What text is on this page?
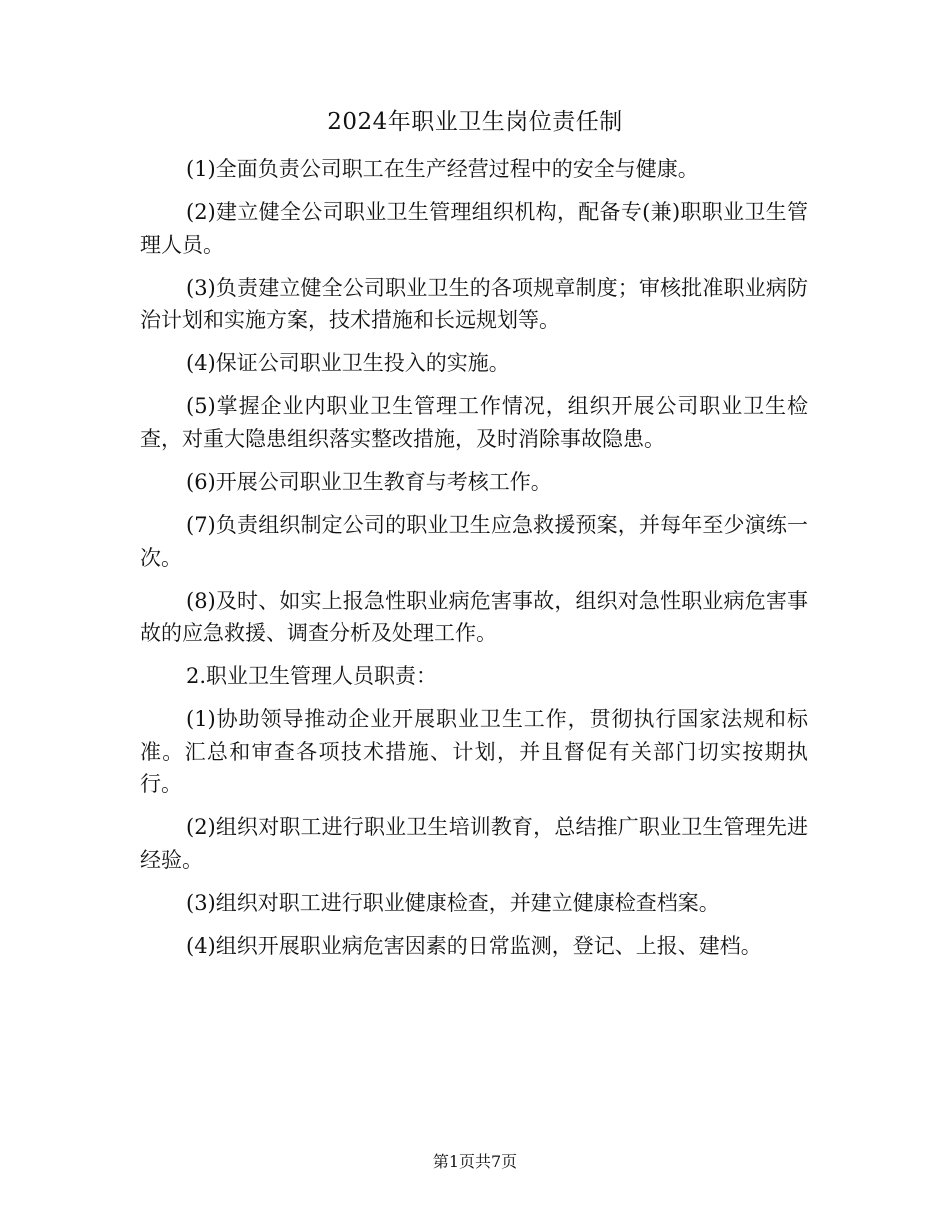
2024年职业卫生岗位责任制

(1)全面负责公司职工在生产经营过程中的安全与健康。

(2)建立健全公司职业卫生管理组织机构，配备专(兼)职职业卫生管理人员。

(3)负责建立健全公司职业卫生的各项规章制度；审核批准职业病防治计划和实施方案，技术措施和长远规划等。

(4)保证公司职业卫生投入的实施。

(5)掌握企业内职业卫生管理工作情况，组织开展公司职业卫生检查，对重大隐患组织落实整改措施，及时消除事故隐患。

(6)开展公司职业卫生教育与考核工作。

(7)负责组织制定公司的职业卫生应急救援预案，并每年至少演练一次。

(8)及时、如实上报急性职业病危害事故，组织对急性职业病危害事故的应急救援、调查分析及处理工作。

2.职业卫生管理人员职责：

(1)协助领导推动企业开展职业卫生工作，贯彻执行国家法规和标准。汇总和审查各项技术措施、计划，并且督促有关部门切实按期执行。

(2)组织对职工进行职业卫生培训教育，总结推广职业卫生管理先进经验。

(3)组织对职工进行职业健康检查，并建立健康检查档案。

(4)组织开展职业病危害因素的日常监测，登记、上报、建档。

第1页共7页
